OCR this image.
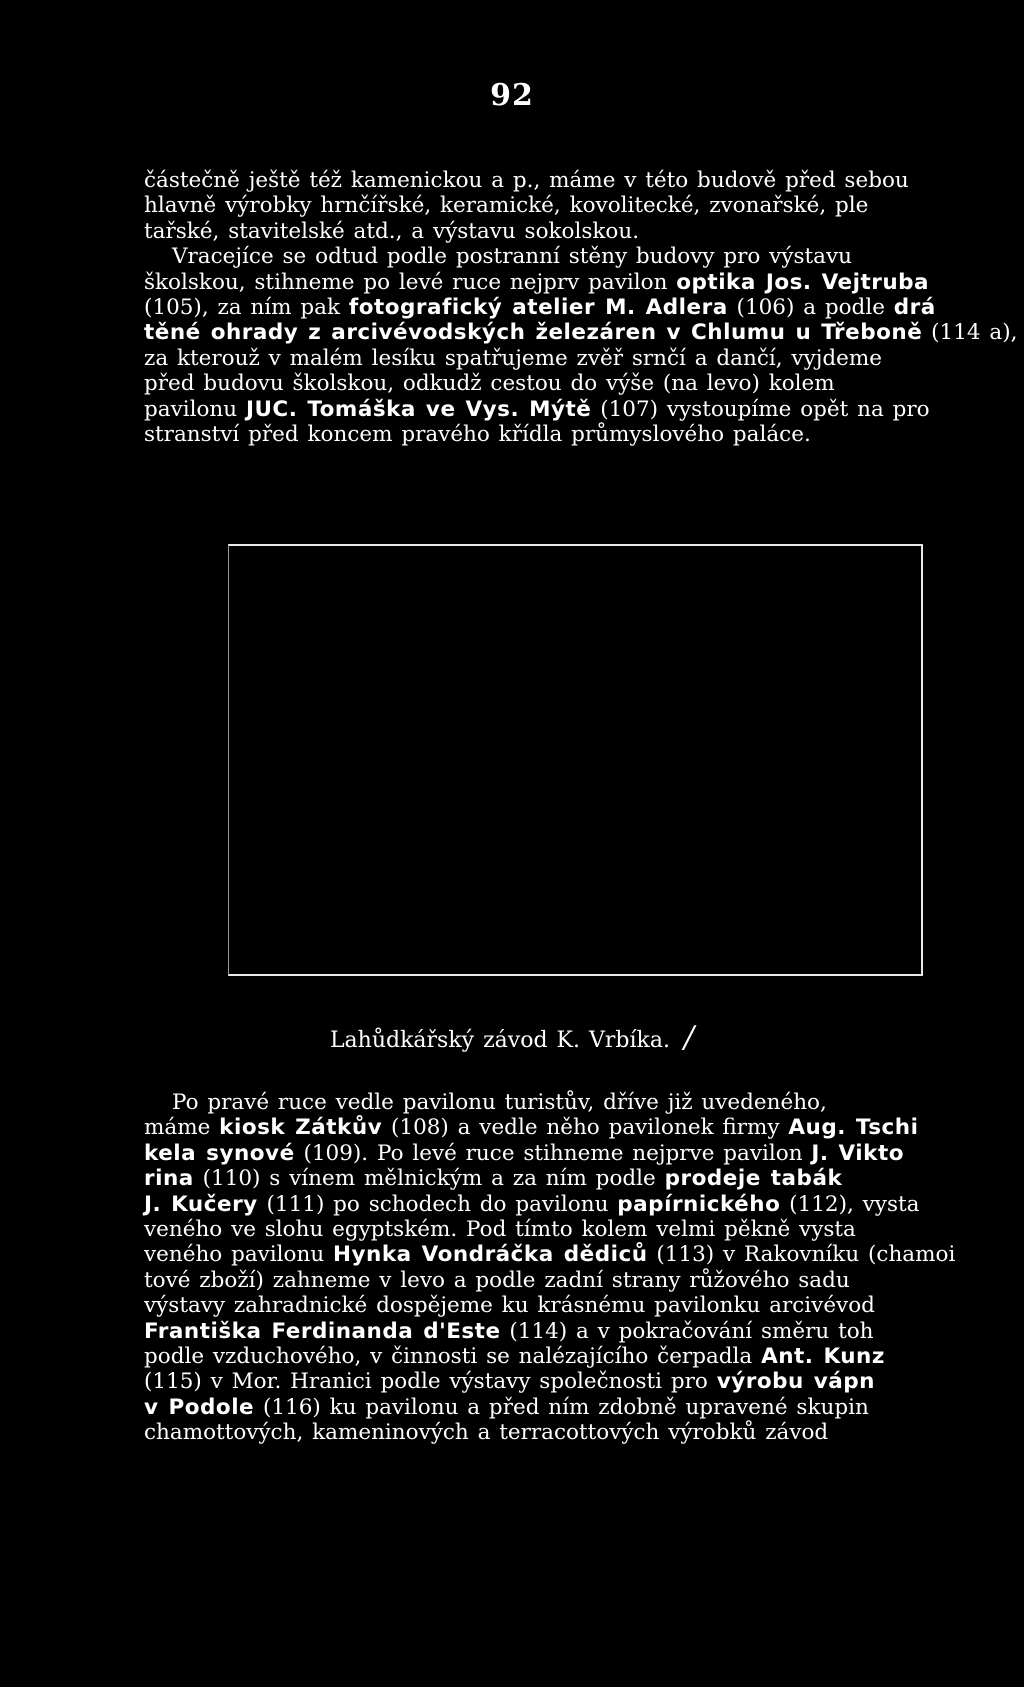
92
částečně ještě též kamenickou a p., máme v této budově před sebou
hlavně výrobky hrnčířské, keramické, kovolitecké, zvonařské, ple
tařské, stavitelské atd., a výstavu sokolskou.
Vracejíce se odtud podle postranní stěny budovy pro výstavu
školskou, stihneme po levé ruce nejprv pavilon optika Jos. Vejtruba
(105), za ním pak fotografický atelier M. Adlera (106) a podle drá
těné ohrady z arcivévodských železáren v Chlumu u Třeboně (114 a),
za kterouž v malém lesíku spatřujeme zvěř srnčí a dančí, vyjdeme
před budovu školskou, odkudž cestou do výše (na levo) kolem
pavilonu JUC. Tomáška ve Vys. Mýtě (107) vystoupíme opět na pro
stranství před koncem pravého křídla průmyslového paláce.
Lahůdkářský závod K. Vrbíka. /
Po pravé ruce vedle pavilonu turistův, dříve již uvedeného,
máme kiosk Zátkův (108) a vedle něho pavilonek firmy Aug. Tschi
kela synové (109). Po levé ruce stihneme nejprve pavilon J. Vikto
rina (110) s vínem mělnickým a za ním podle prodeje tabák
J. Kučery (111) po schodech do pavilonu papírnického (112), vysta
veného ve slohu egyptském. Pod tímto kolem velmi pěkně vysta
veného pavilonu Hynka Vondráčka dědiců (113) v Rakovníku (chamoi
tové zboží) zahneme v levo a podle zadní strany růžového sadu
výstavy zahradnické dospějeme ku krásnému pavilonku arcivévod
Františka Ferdinanda d'Este (114) a v pokračování směru toh
podle vzduchového, v činnosti se nalézajícího čerpadla Ant. Kunz
(115) v Mor. Hranici podle výstavy společnosti pro výrobu vápn
v Podole (116) ku pavilonu a před ním zdobně upravené skupin
chamottových, kameninových a terracottových výrobků závod
